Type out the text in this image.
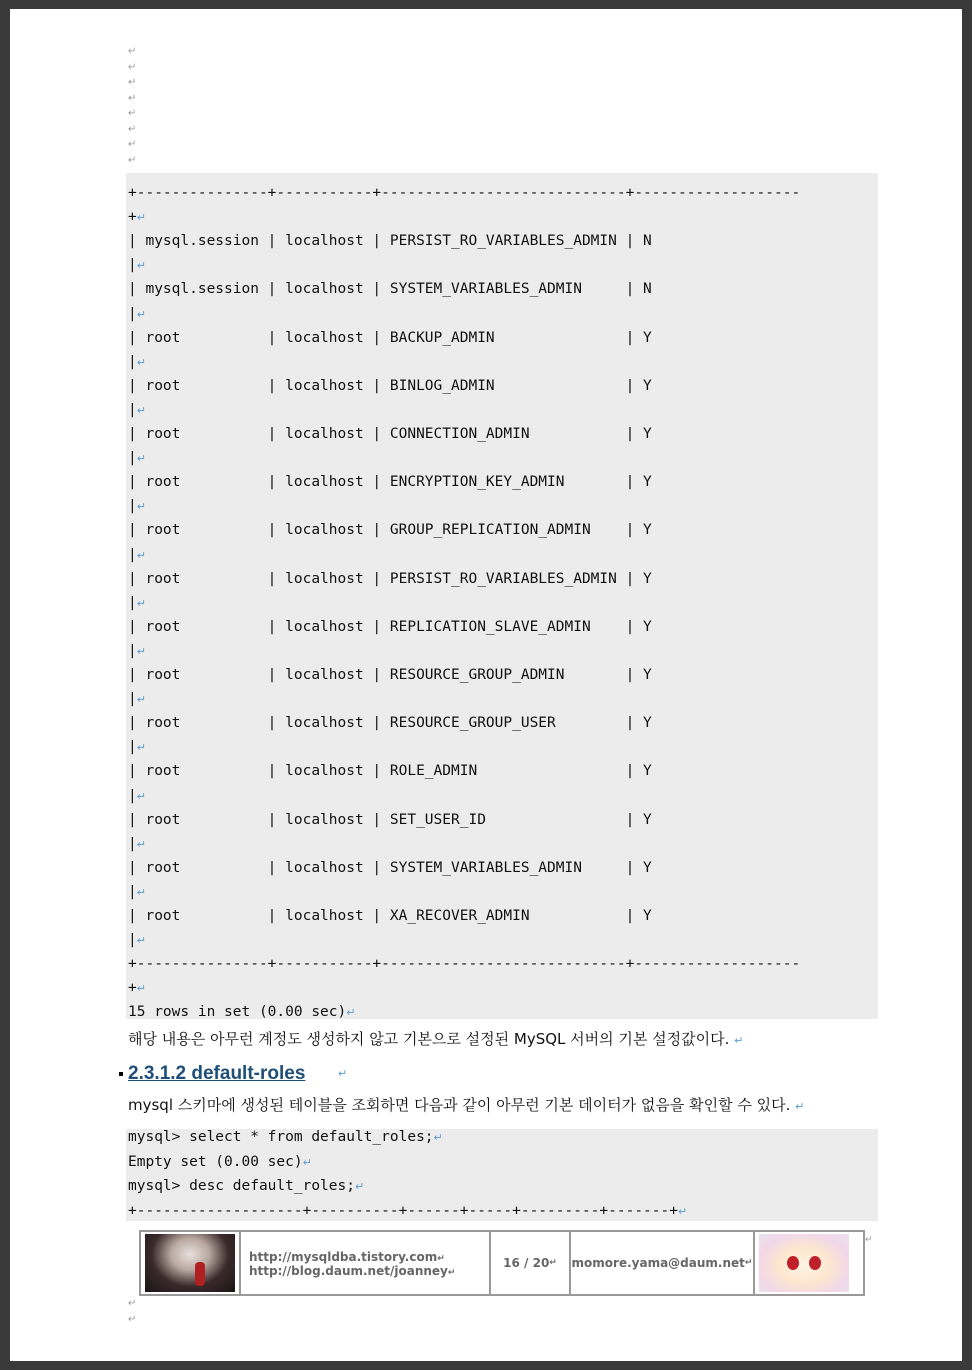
↵
↵
↵
↵
↵
↵
↵
↵
+---------------+-----------+----------------------------+-------------------
+↵
| mysql.session | localhost | PERSIST_RO_VARIABLES_ADMIN | N
|↵
| mysql.session | localhost | SYSTEM_VARIABLES_ADMIN     | N
|↵
| root          | localhost | BACKUP_ADMIN               | Y
|↵
| root          | localhost | BINLOG_ADMIN               | Y
|↵
| root          | localhost | CONNECTION_ADMIN           | Y
|↵
| root          | localhost | ENCRYPTION_KEY_ADMIN       | Y
|↵
| root          | localhost | GROUP_REPLICATION_ADMIN    | Y
|↵
| root          | localhost | PERSIST_RO_VARIABLES_ADMIN | Y
|↵
| root          | localhost | REPLICATION_SLAVE_ADMIN    | Y
|↵
| root          | localhost | RESOURCE_GROUP_ADMIN       | Y
|↵
| root          | localhost | RESOURCE_GROUP_USER        | Y
|↵
| root          | localhost | ROLE_ADMIN                 | Y
|↵
| root          | localhost | SET_USER_ID                | Y
|↵
| root          | localhost | SYSTEM_VARIABLES_ADMIN     | Y
|↵
| root          | localhost | XA_RECOVER_ADMIN           | Y
|↵
+---------------+-----------+----------------------------+-------------------
+↵
15 rows in set (0.00 sec)↵
해당 내용은 아무런 계정도 생성하지 않고 기본으로 설정된 MySQL 서버의 기본 설정값이다. ↵
2.3.1.2 default-roles	↵
mysql 스키마에 생성된 테이블을 조회하면 다음과 같이 아무런 기본 데이터가 없음을 확인할 수 있다. ↵
mysql> select * from default_roles;↵
Empty set (0.00 sec)↵
mysql> desc default_roles;↵
+-------------------+----------+------+-----+---------+-------+↵
http://mysqldba.tistory.com↵
http://blog.daum.net/joanney↵
16 / 20 ↵ momore.yama@daum.net ↵
↵
↵
↵
